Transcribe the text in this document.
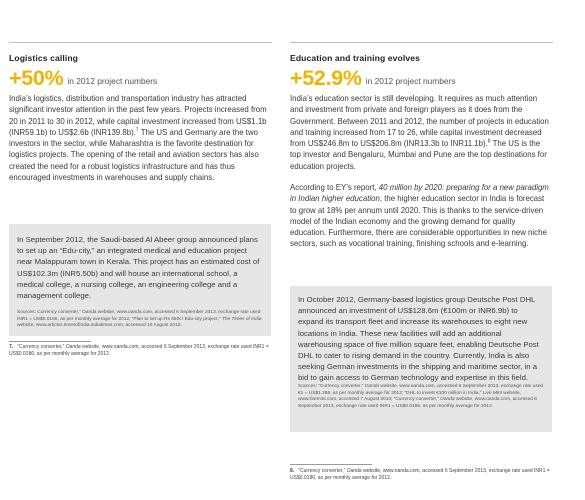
Logistics calling
+50% in 2012 project numbers

India’s logistics, distribution and transportation industry has attracted significant investor attention in the past few years. Projects increased from 20 in 2011 to 30 in 2012, while capital investment increased from US$1.1b (INR59.1b) to US$2.6b (INR139.8b).$^7$ The US and Germany are the two investors in the sector, while Maharashtra is the favorite destination for logistics projects. The opening of the retail and aviation sectors has also created the need for a robust logistics infrastructure and has thus encouraged investments in warehouses and supply chains.

In September 2012, the Saudi-based Al Abeer group announced plans to set up an “Edu-city,” an integrated medical and education project near Malappuram town in Kerala. This project has an estimated cost of US$102.3m (INR5.50b) and will house an international school, a medical college, a nursing college, an engineering college and a management college.

Sources: Currency converter,” Oanda website, www.oanda.com, accessed 6 September 2013, exchange rate used INR1 = US$0.0186, as per monthly average for 2012; “Plan to set up Rs 550cr Edu-city project,” The Times of India website, www.articles.timesofindia.indiatimes.com, accessed 10 August 2013.

7. “Currency converter,” Oanda website, www.oanda.com, accessed 6 September 2013, exchange rate used INR1 = US$0.0186, as per monthly average for 2012.

Education and training evolves
+52.9% in 2012 project numbers

India’s education sector is still developing. It requires as much attention and investment from private and foreign players as it does from the Government. Between 2011 and 2012, the number of projects in education and training increased from 17 to 26, while capital investment decreased from US$246.8m to US$206.8m (INR13.3b to INR11.1b).$^8$ The US is the top investor and Bengaluru, Mumbai and Pune are the top destinations for education projects.

According to EY’s report, 40 million by 2020: preparing for a new paradigm in Indian higher education, the higher education sector in India is forecast to grow at 18% per annum until 2020. This is thanks to the service-driven model of the Indian economy and the growing demand for quality education. Furthermore, there are considerable opportunities in new niche sectors, such as vocational training, finishing schools and e-learning.

In October 2012, Germany-based logistics group Deutsche Post DHL announced an investment of US$128.6m (€100m or INR6.9b) to expand its transport fleet and increase its warehouses to eight new locations in India. These new facilities will add an additional warehousing space of five million square feet, enabling Deutsche Post DHL to cater to rising demand in the country. Currently, India is also seeking German investments in the shipping and maritime sector, in a bid to gain access to German technology and expertise in this field.

Sources: “Currency converter,” Oanda website, www.oanda.com, accessed 6 September 2013, exchange rate used €1 = US$1.286, as per monthly average for 2012; “DHL to invest €100 million in India,” Live Mint website, www.livemint.com, accessed 7 August 2013; “Currency converter,” Oanda website, www.oanda.com, accessed 6 September 2013, exchange rate used INR1 = US$0.0186, as per monthly average for 2012.

8. “Currency converter,” Oanda website, www.oanda.com, accessed 6 September 2013, exchange rate used INR1 = US$0.0186, as per monthly average for 2012.
